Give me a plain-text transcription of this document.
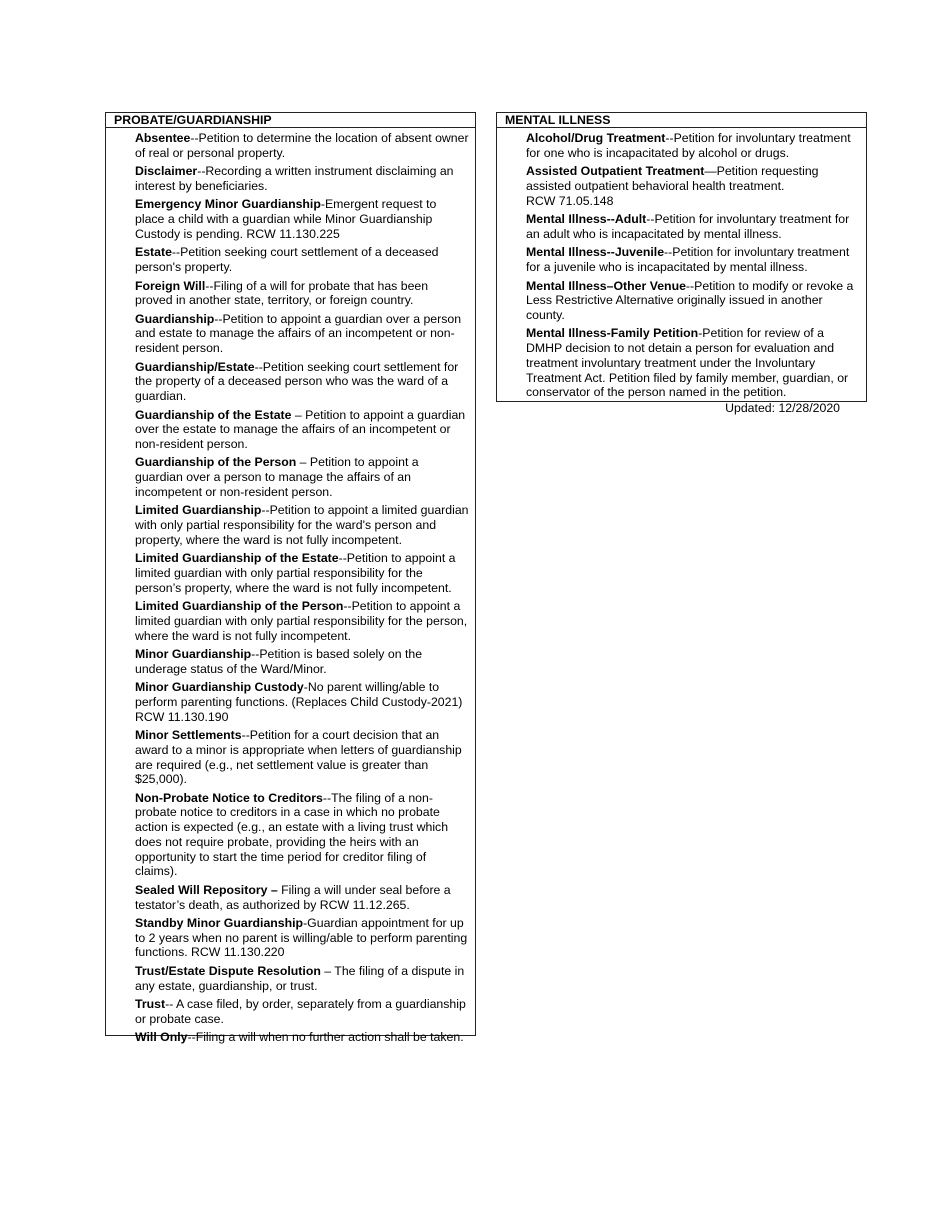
PROBATE/GUARDIANSHIP
Absentee--Petition to determine the location of absent owner of real or personal property.
Disclaimer--Recording a written instrument disclaiming an interest by beneficiaries.
Emergency Minor Guardianship-Emergent request to place a child with a guardian while Minor Guardianship Custody is pending. RCW 11.130.225
Estate--Petition seeking court settlement of a deceased person's property.
Foreign Will--Filing of a will for probate that has been proved in another state, territory, or foreign country.
Guardianship--Petition to appoint a guardian over a person and estate to manage the affairs of an incompetent or non-resident person.
Guardianship/Estate--Petition seeking court settlement for the property of a deceased person who was the ward of a guardian.
Guardianship of the Estate – Petition to appoint a guardian over the estate to manage the affairs of an incompetent or non-resident person.
Guardianship of the Person – Petition to appoint a guardian over a person to manage the affairs of an incompetent or non-resident person.
Limited Guardianship--Petition to appoint a limited guardian with only partial responsibility for the ward's person and property, where the ward is not fully incompetent.
Limited Guardianship of the Estate--Petition to appoint a limited guardian with only partial responsibility for the person’s property, where the ward is not fully incompetent.
Limited Guardianship of the Person--Petition to appoint a limited guardian with only partial responsibility for the person, where the ward is not fully incompetent.
Minor Guardianship--Petition is based solely on the underage status of the Ward/Minor.
Minor Guardianship Custody-No parent willing/able to perform parenting functions. (Replaces Child Custody-2021)
RCW 11.130.190
Minor Settlements--Petition for a court decision that an award to a minor is appropriate when letters of guardianship are required (e.g., net settlement value is greater than $25,000).
Non-Probate Notice to Creditors--The filing of a non-probate notice to creditors in a case in which no probate action is expected (e.g., an estate with a living trust which does not require probate, providing the heirs with an opportunity to start the time period for creditor filing of claims).
Sealed Will Repository – Filing a will under seal before a testator’s death, as authorized by RCW 11.12.265.
Standby Minor Guardianship-Guardian appointment for up to 2 years when no parent is willing/able to perform parenting functions. RCW 11.130.220
Trust/Estate Dispute Resolution – The filing of a dispute in any estate, guardianship, or trust.
Trust-- A case filed, by order, separately from a guardianship or probate case.
Will Only--Filing a will when no further action shall be taken.
MENTAL ILLNESS
Alcohol/Drug Treatment--Petition for involuntary treatment for one who is incapacitated by alcohol or drugs.
Assisted Outpatient Treatment—Petition requesting assisted outpatient behavioral health treatment.
RCW 71.05.148
Mental Illness--Adult--Petition for involuntary treatment for an adult who is incapacitated by mental illness.
Mental Illness--Juvenile--Petition for involuntary treatment for a juvenile who is incapacitated by mental illness.
Mental Illness–Other Venue--Petition to modify or revoke a Less Restrictive Alternative originally issued in another county.
Mental Illness-Family Petition-Petition for review of a DMHP decision to not detain a person for evaluation and treatment involuntary treatment under the Involuntary Treatment Act. Petition filed by family member, guardian, or conservator of the person named in the petition.
Updated: 12/28/2020
